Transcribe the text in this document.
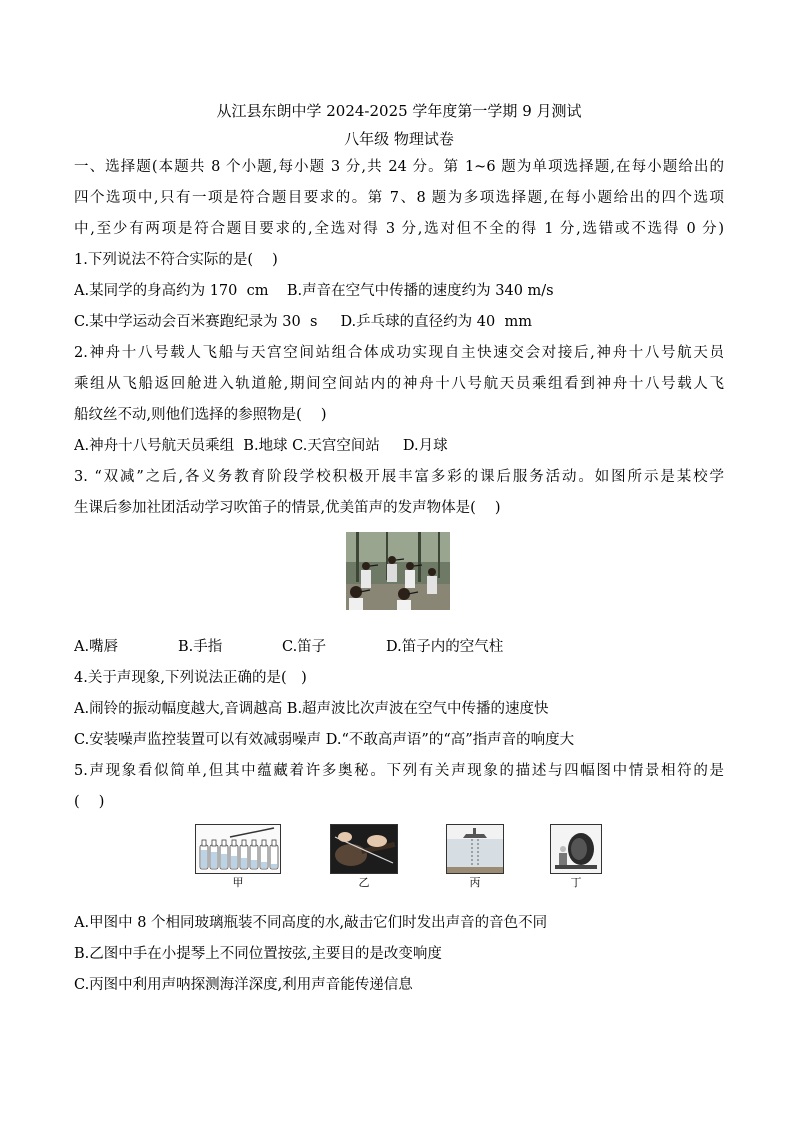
从江县东朗中学 2024-2025 学年度第一学期 9 月测试
八年级 物理试卷
一、选择题(本题共 8 个小题,每小题 3 分,共 24 分。第 1~6 题为单项选择题,在每小题给出的
四个选项中,只有一项是符合题目要求的。第 7、8 题为多项选择题,在每小题给出的四个选项
中,至少有两项是符合题目要求的,全选对得 3 分,选对但不全的得 1 分,选错或不选得 0 分)
1.下列说法不符合实际的是(　 )
A.某同学的身高约为 170  cm    B.声音在空气中传播的速度约为 340 m/s
C.某中学运动会百米赛跑纪录为 30  s     D.乒乓球的直径约为 40  mm
2.神舟十八号载人飞船与天宫空间站组合体成功实现自主快速交会对接后,神舟十八号航天员
乘组从飞船返回舱进入轨道舱,期间空间站内的神舟十八号航天员乘组看到神舟十八号载人飞
船纹丝不动,则他们选择的参照物是(　 )
A.神舟十八号航天员乘组  B.地球 C.天宫空间站     D.月球
3. “双减”之后,各义务教育阶段学校积极开展丰富多彩的课后服务活动。如图所示是某校学
生课后参加社团活动学习吹笛子的情景,优美笛声的发声物体是(　 )
A.嘴唇	B.手指	C.笛子	D.笛子内的空气柱
4.关于声现象,下列说法正确的是(　)
A.闹铃的振动幅度越大,音调越高 B.超声波比次声波在空气中传播的速度快
C.安装噪声监控装置可以有效减弱噪声 D.“不敢高声语”的“高”指声音的响度大
5.声现象看似简单,但其中蕴藏着许多奥秘。下列有关声现象的描述与四幅图中情景相符的是
(　 )
甲	乙	丙	丁
A.甲图中 8 个相同玻璃瓶装不同高度的水,敲击它们时发出声音的音色不同
B.乙图中手在小提琴上不同位置按弦,主要目的是改变响度
C.丙图中利用声呐探测海洋深度,利用声音能传递信息
